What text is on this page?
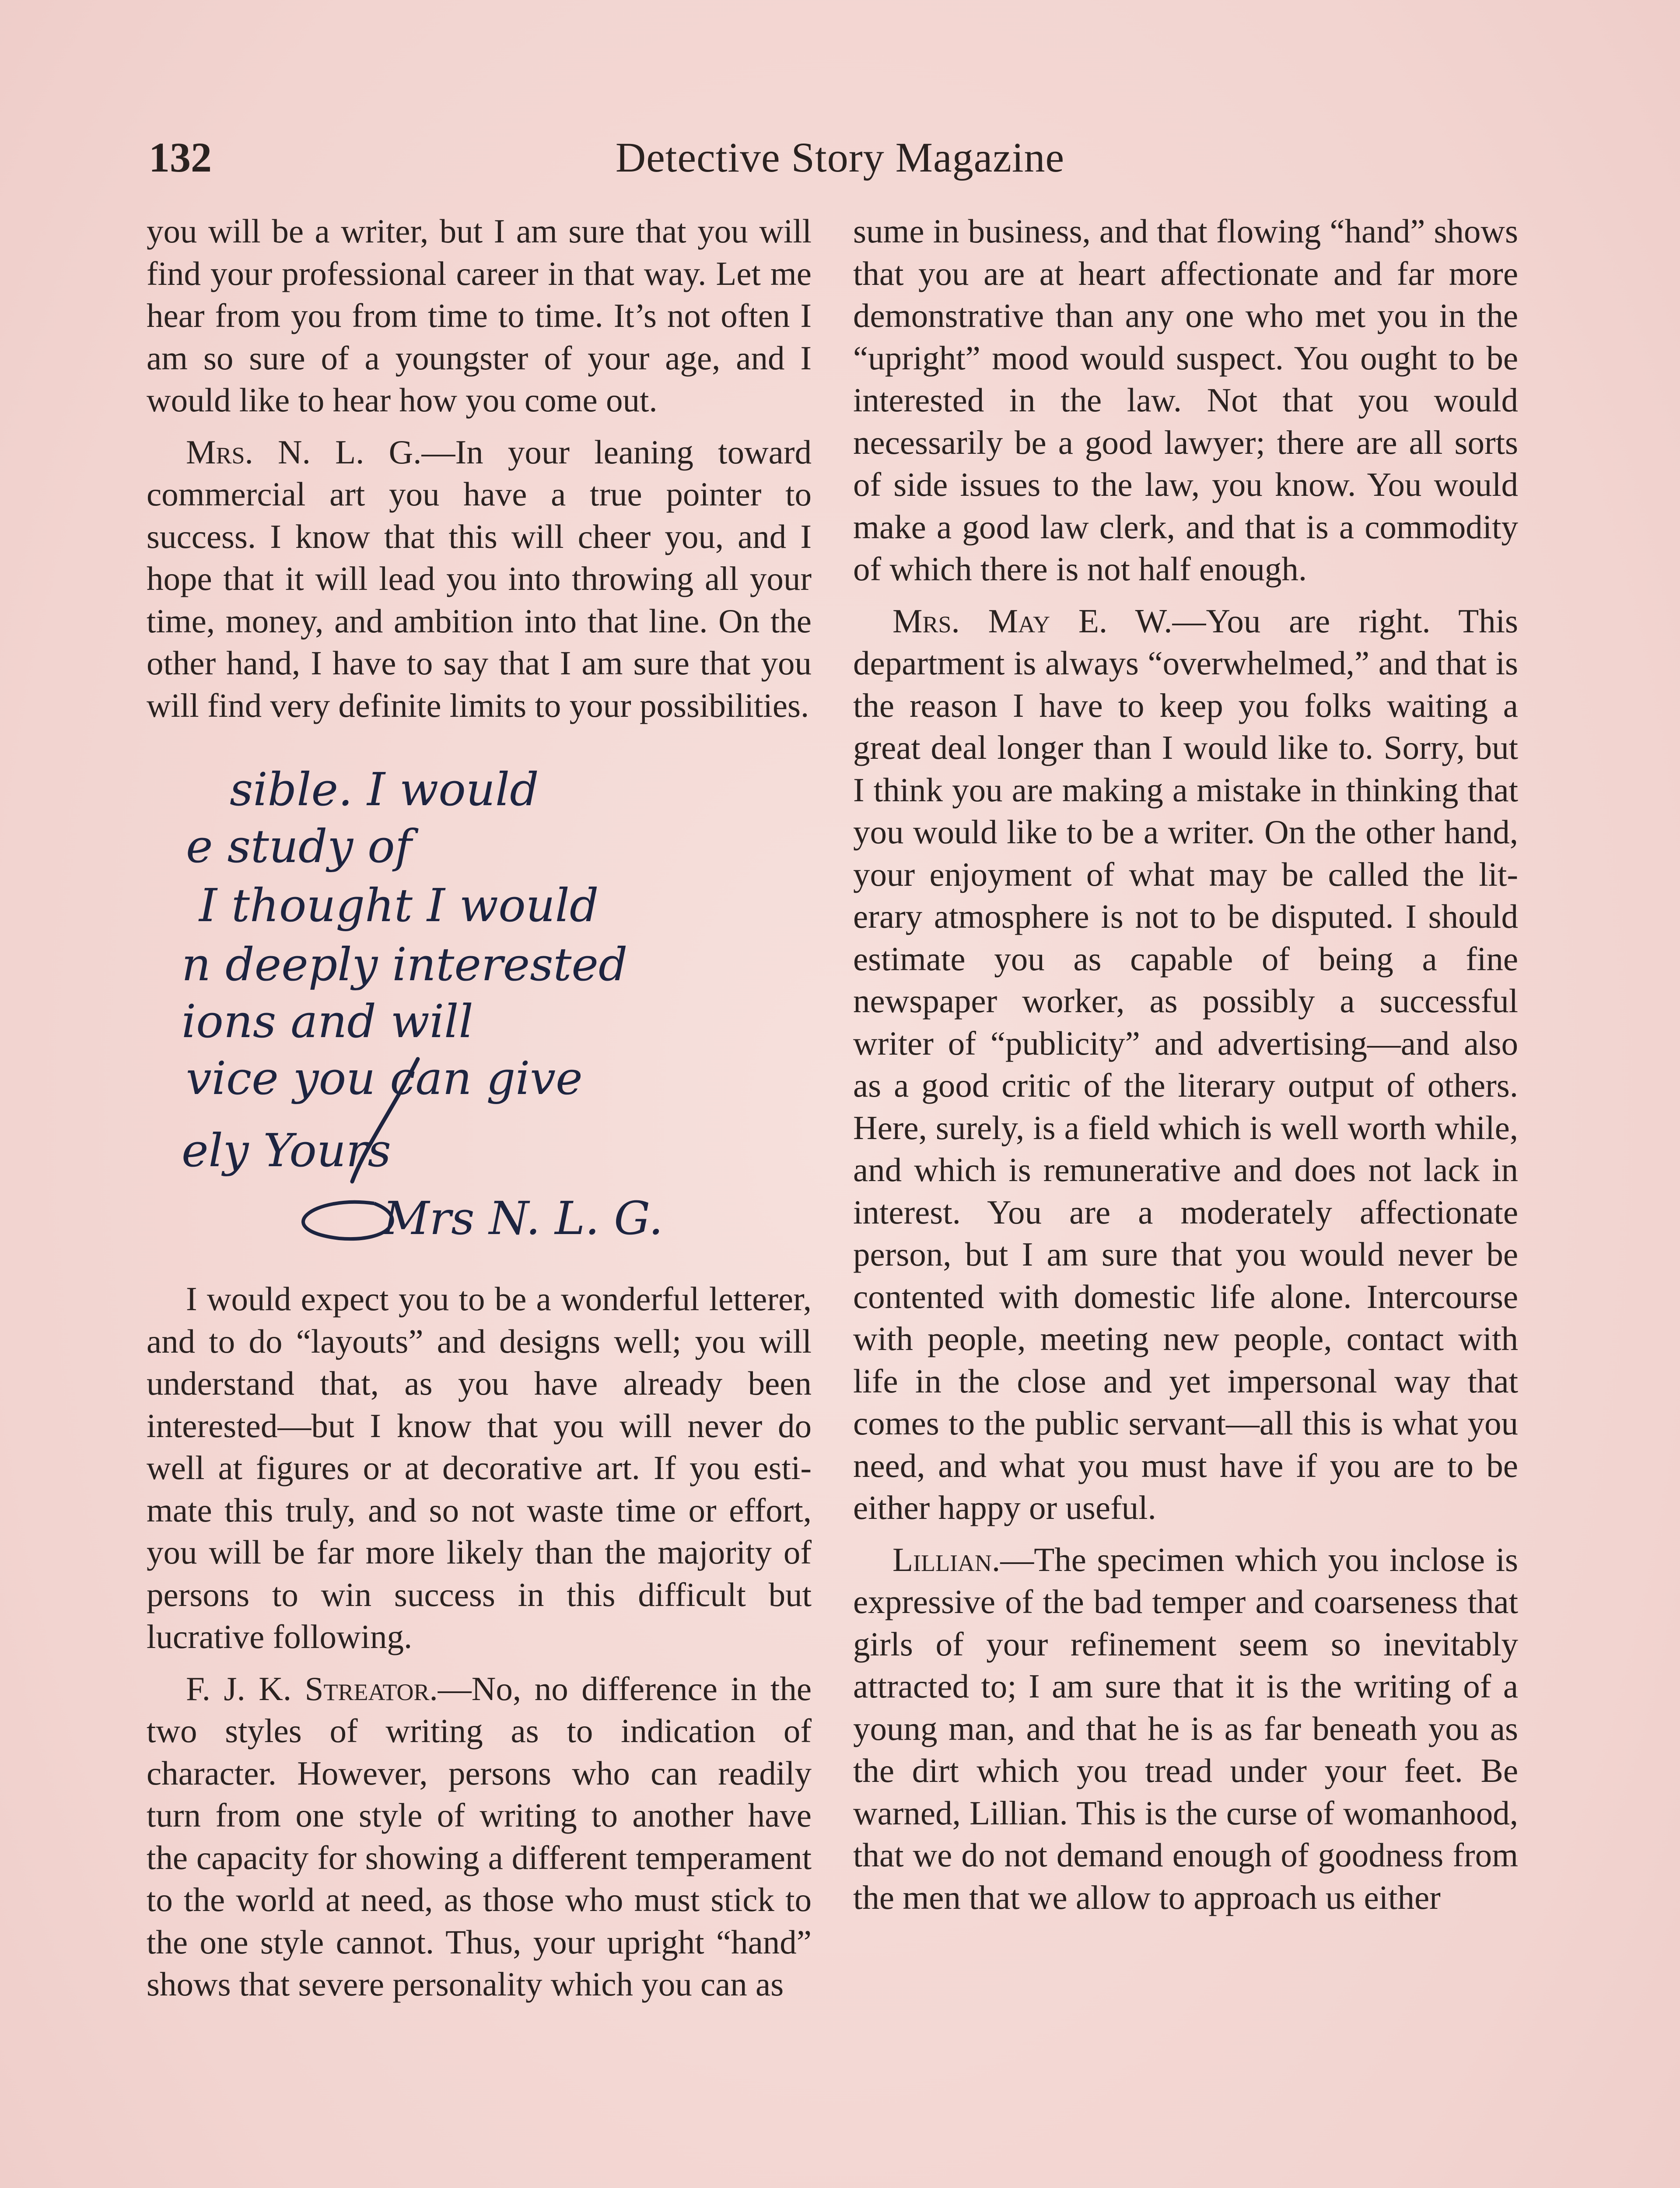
132	Detective Story Magazine

you will be a writer, but I am sure that you will find your professional career in that way. Let me hear from you from time to time. It’s not often I am so sure of a youngster of your age, and I would like to hear how you come out.

Mrs. N. L. G.—In your leaning toward commercial art you have a true pointer to success. I know that this will cheer you, and I hope that it will lead you into throwing all your time, money, and ambition into that line. On the other hand, I have to say that I am sure that you will find very definite limits to your possibilities.

sible. I would
e study of
I thought I would
n deeply interested
ions and will
vice you can give
ely Yours
Mrs N. L. G.

I would expect you to be a wonderful letterer, and to do “layouts” and designs well; you will understand that, as you have already been interested—but I know that you will never do well at figures or at decorative art. If you estimate this truly, and so not waste time or effort, you will be far more likely than the majority of persons to win success in this difficult but lucrative following.

F. J. K. Streator.—No, no difference in the two styles of writing as to indication of character. However, persons who can readily turn from one style of writing to another have the capacity for showing a different temperament to the world at need, as those who must stick to the one style cannot. Thus, your upright “hand” shows that severe personality which you can as

sume in business, and that flowing “hand” shows that you are at heart affectionate and far more demonstrative than any one who met you in the “upright” mood would suspect. You ought to be interested in the law. Not that you would necessarily be a good lawyer; there are all sorts of side issues to the law, you know. You would make a good law clerk, and that is a commodity of which there is not half enough.

Mrs. May E. W.—You are right. This department is always “overwhelmed,” and that is the reason I have to keep you folks waiting a great deal longer than I would like to. Sorry, but I think you are making a mistake in thinking that you would like to be a writer. On the other hand, your enjoyment of what may be called the literary atmosphere is not to be disputed. I should estimate you as capable of being a fine newspaper worker, as possibly a successful writer of “publicity” and advertising—and also as a good critic of the literary output of others. Here, surely, is a field which is well worth while, and which is remunerative and does not lack in interest. You are a moderately affectionate person, but I am sure that you would never be contented with domestic life alone. Intercourse with people, meeting new people, contact with life in the close and yet impersonal way that comes to the public servant—all this is what you need, and what you must have if you are to be either happy or useful.

Lillian.—The specimen which you inclose is expressive of the bad temper and coarseness that girls of your refinement seem so inevitably attracted to; I am sure that it is the writing of a young man, and that he is as far beneath you as the dirt which you tread under your feet. Be warned, Lillian. This is the curse of womanhood, that we do not demand enough of goodness from the men that we allow to approach us either
